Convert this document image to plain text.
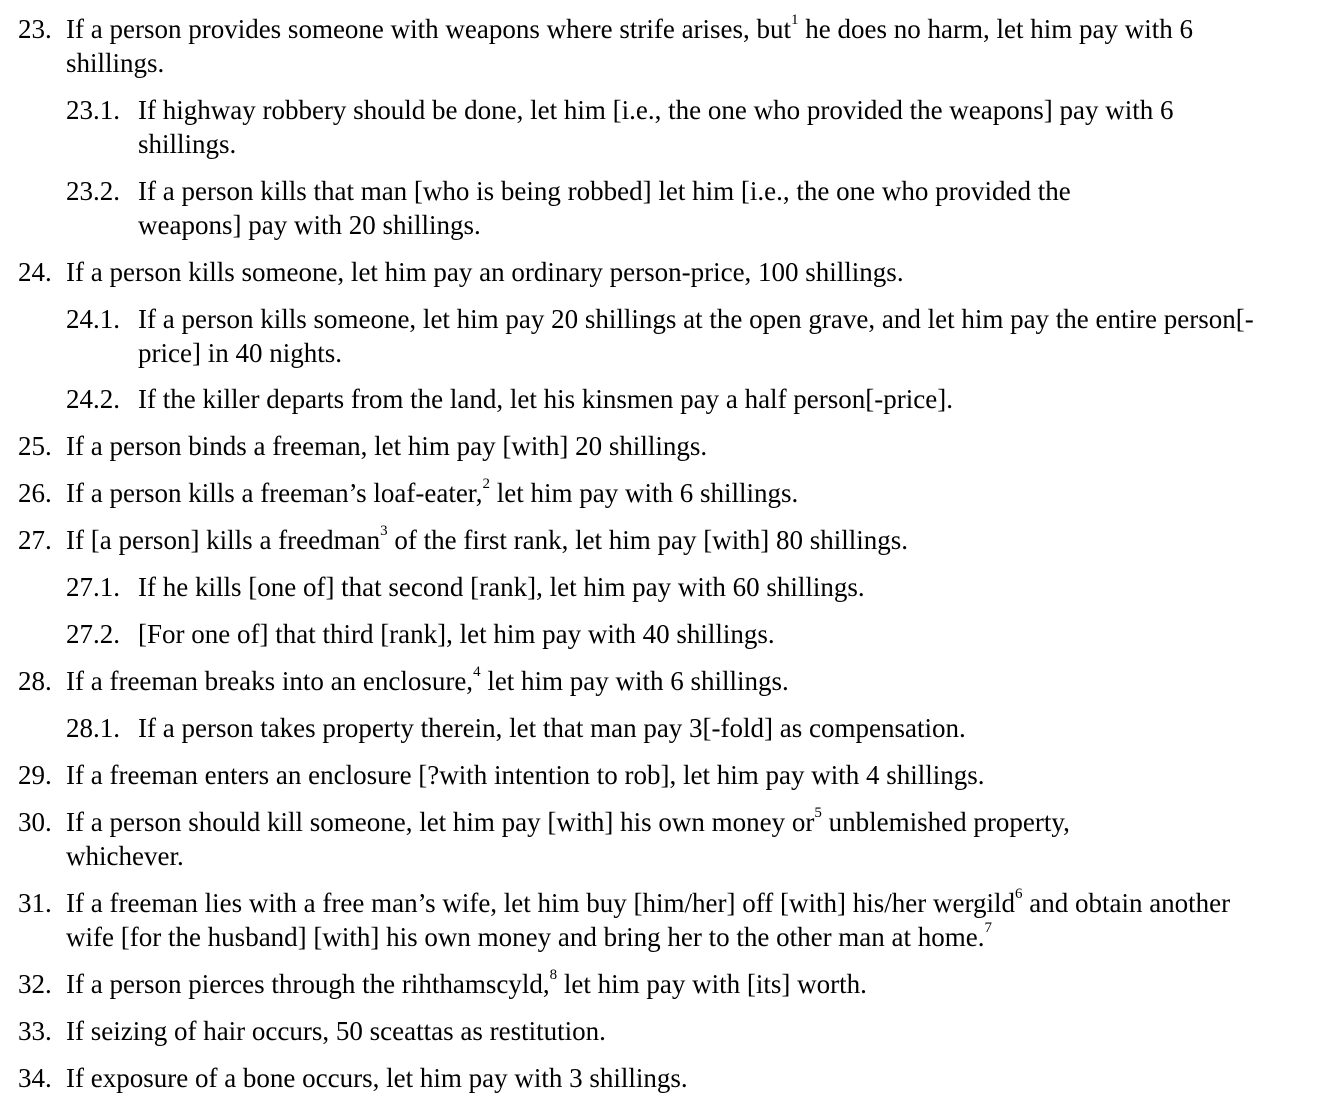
23. If a person provides someone with weapons where strife arises, but$^1$ he does no harm, let him pay with 6 shillings.
23.1. If highway robbery should be done, let him [i.e., the one who provided the weapons] pay with 6 shillings.
23.2. If a person kills that man [who is being robbed] let him [i.e., the one who provided the weapons] pay with 20 shillings.
24. If a person kills someone, let him pay an ordinary person-price, 100 shillings.
24.1. If a person kills someone, let him pay 20 shillings at the open grave, and let him pay the entire person[-price] in 40 nights.
24.2. If the killer departs from the land, let his kinsmen pay a half person[-price].
25. If a person binds a freeman, let him pay [with] 20 shillings.
26. If a person kills a freeman’s loaf-eater,$^2$ let him pay with 6 shillings.
27. If [a person] kills a freedman$^3$ of the first rank, let him pay [with] 80 shillings.
27.1. If he kills [one of] that second [rank], let him pay with 60 shillings.
27.2. [For one of] that third [rank], let him pay with 40 shillings.
28. If a freeman breaks into an enclosure,$^4$ let him pay with 6 shillings.
28.1. If a person takes property therein, let that man pay 3[-fold] as compensation.
29. If a freeman enters an enclosure [?with intention to rob], let him pay with 4 shillings.
30. If a person should kill someone, let him pay [with] his own money $or^5$ unblemished property, whichever.
31. If a freeman lies with a free man’s wife, let him buy [him/her] off [with] his/her wergild$^6$ and obtain another wife [for the husband] [with] his own money and bring her to the other man at home.$^7$
32. If a person pierces through the rihthamscyld,$^8$ let him pay with [its] worth.
33. If seizing of hair occurs, 50 sceattas as restitution.
34. If exposure of a bone occurs, let him pay with 3 shillings.
